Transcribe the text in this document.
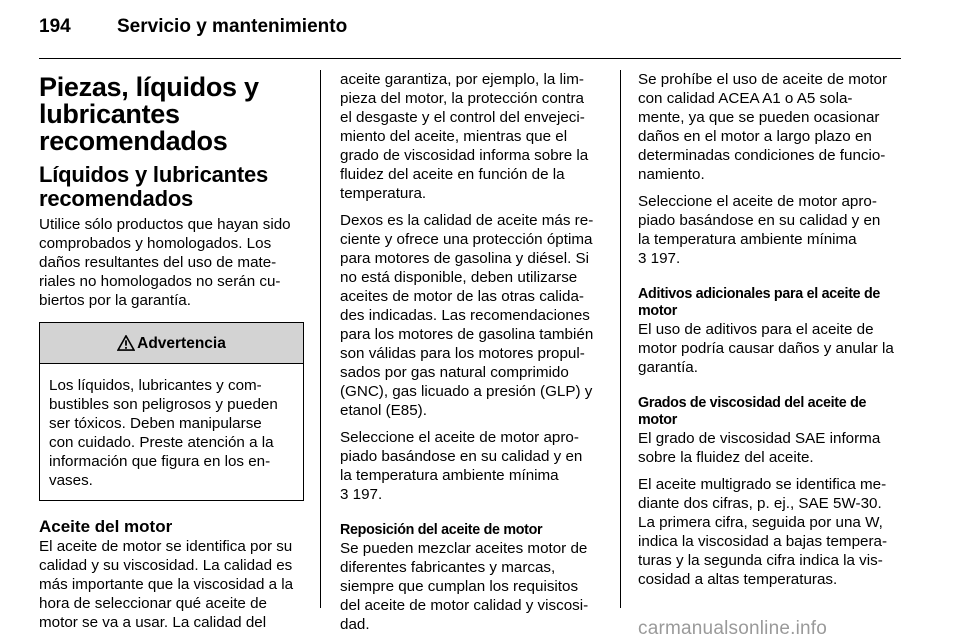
194 Servicio y mantenimiento
Piezas, líquidos y
lubricantes
recomendados
Líquidos y lubricantes
recomendados

Utilice sólo productos que hayan sido
comprobados y homologados. Los
daños resultantes del uso de mate-
riales no homologados no serán cu-
biertos por la garantía.

Advertencia
Los líquidos, lubricantes y com-
bustibles son peligrosos y pueden
ser tóxicos. Deben manipularse
con cuidado. Preste atención a la
información que figura en los en-
vases.
Aceite del motor

El aceite de motor se identifica por su
calidad y su viscosidad. La calidad es
más importante que la viscosidad a la
hora de seleccionar qué aceite de
motor se va a usar. La calidad del

aceite garantiza, por ejemplo, la lim-
pieza del motor, la protección contra
el desgaste y el control del envejeci-
miento del aceite, mientras que el
grado de viscosidad informa sobre la
fluidez del aceite en función de la
temperatura.

Dexos es la calidad de aceite más re-
ciente y ofrece una protección óptima
para motores de gasolina y diésel. Si
no está disponible, deben utilizarse
aceites de motor de las otras calida-
des indicadas. Las recomendaciones
para los motores de gasolina también
son válidas para los motores propul-
sados por gas natural comprimido
(GNC), gas licuado a presión (GLP) y
etanol (E85).

Seleccione el aceite de motor apro-
piado basándose en su calidad y en
la temperatura ambiente mínima
3 197.

Reposición del aceite de motor

Se pueden mezclar aceites motor de
diferentes fabricantes y marcas,
siempre que cumplan los requisitos
del aceite de motor calidad y viscosi-
dad.

Se prohíbe el uso de aceite de motor
con calidad ACEA A1 o A5 sola-
mente, ya que se pueden ocasionar
daños en el motor a largo plazo en
determinadas condiciones de funcio-
namiento.

Seleccione el aceite de motor apro-
piado basándose en su calidad y en
la temperatura ambiente mínima
3 197.

Aditivos adicionales para el aceite de
motor

El uso de aditivos para el aceite de
motor podría causar daños y anular la
garantía.

Grados de viscosidad del aceite de
motor

El grado de viscosidad SAE informa
sobre la fluidez del aceite.

El aceite multigrado se identifica me-
diante dos cifras, p. ej., SAE 5W-30.
La primera cifra, seguida por una W,
indica la viscosidad a bajas tempera-
turas y la segunda cifra indica la vis-
cosidad a altas temperaturas.

carmanualsonline.info
